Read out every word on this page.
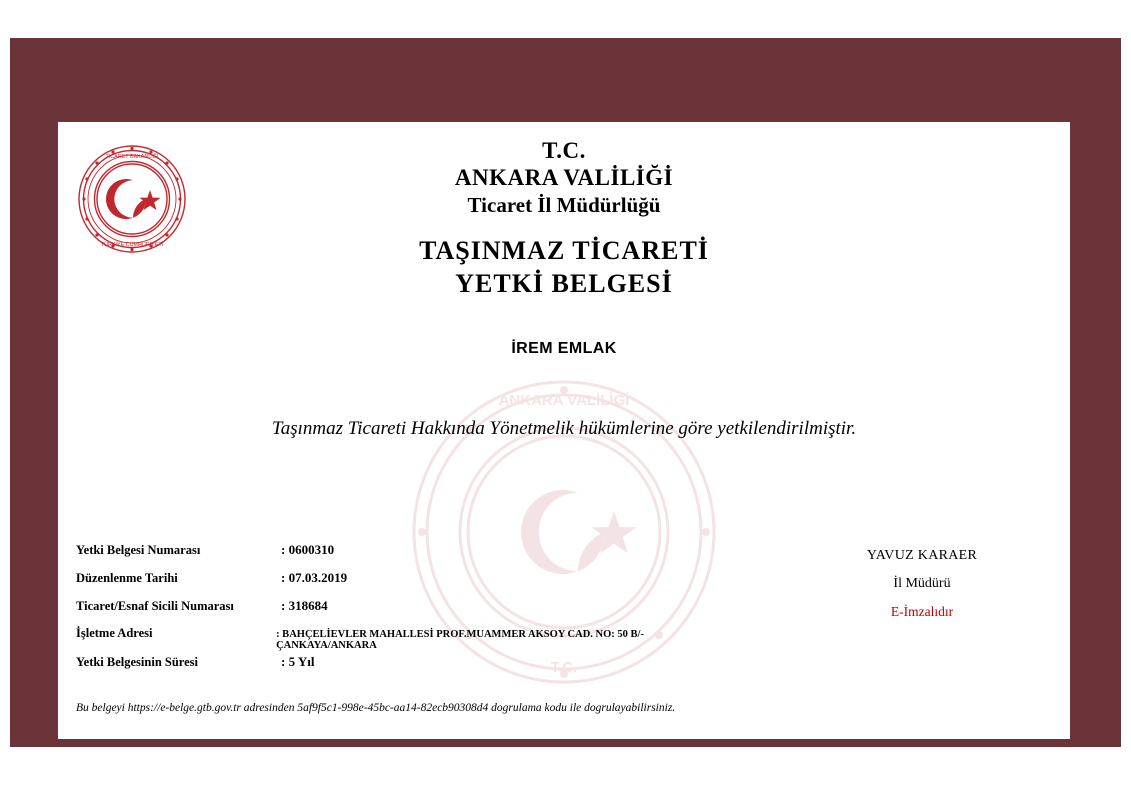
TİCARET BAKANLIĞI
TÜRKİYE CUMHURİYETİ
ANKARA VALİLİĞİ
T.C.
T.C.
ANKARA VALİLİĞİ
Ticaret İl Müdürlüğü
TAŞINMAZ TİCARETİ
YETKİ BELGESİ
İREM EMLAK
Taşınmaz Ticareti Hakkında Yönetmelik hükümlerine göre yetkilendirilmiştir.
Yetki Belgesi Numarası	: 0600310
Düzenlenme Tarihi	: 07.03.2019
Ticaret/Esnaf Sicili Numarası	: 318684
İşletme Adresi	: BAHÇELİEVLER MAHALLESİ PROF.MUAMMER AKSOY CAD. NO: 50 B/- ÇANKAYA/ANKARA
Yetki Belgesinin Süresi	: 5 Yıl
YAVUZ KARAER
İl Müdürü
E-İmzalıdır
Bu belgeyi https://e-belge.gtb.gov.tr adresinden 5af9f5c1-998e-45bc-aa14-82ecb90308d4 dogrulama kodu ile dogrulayabilirsiniz.
